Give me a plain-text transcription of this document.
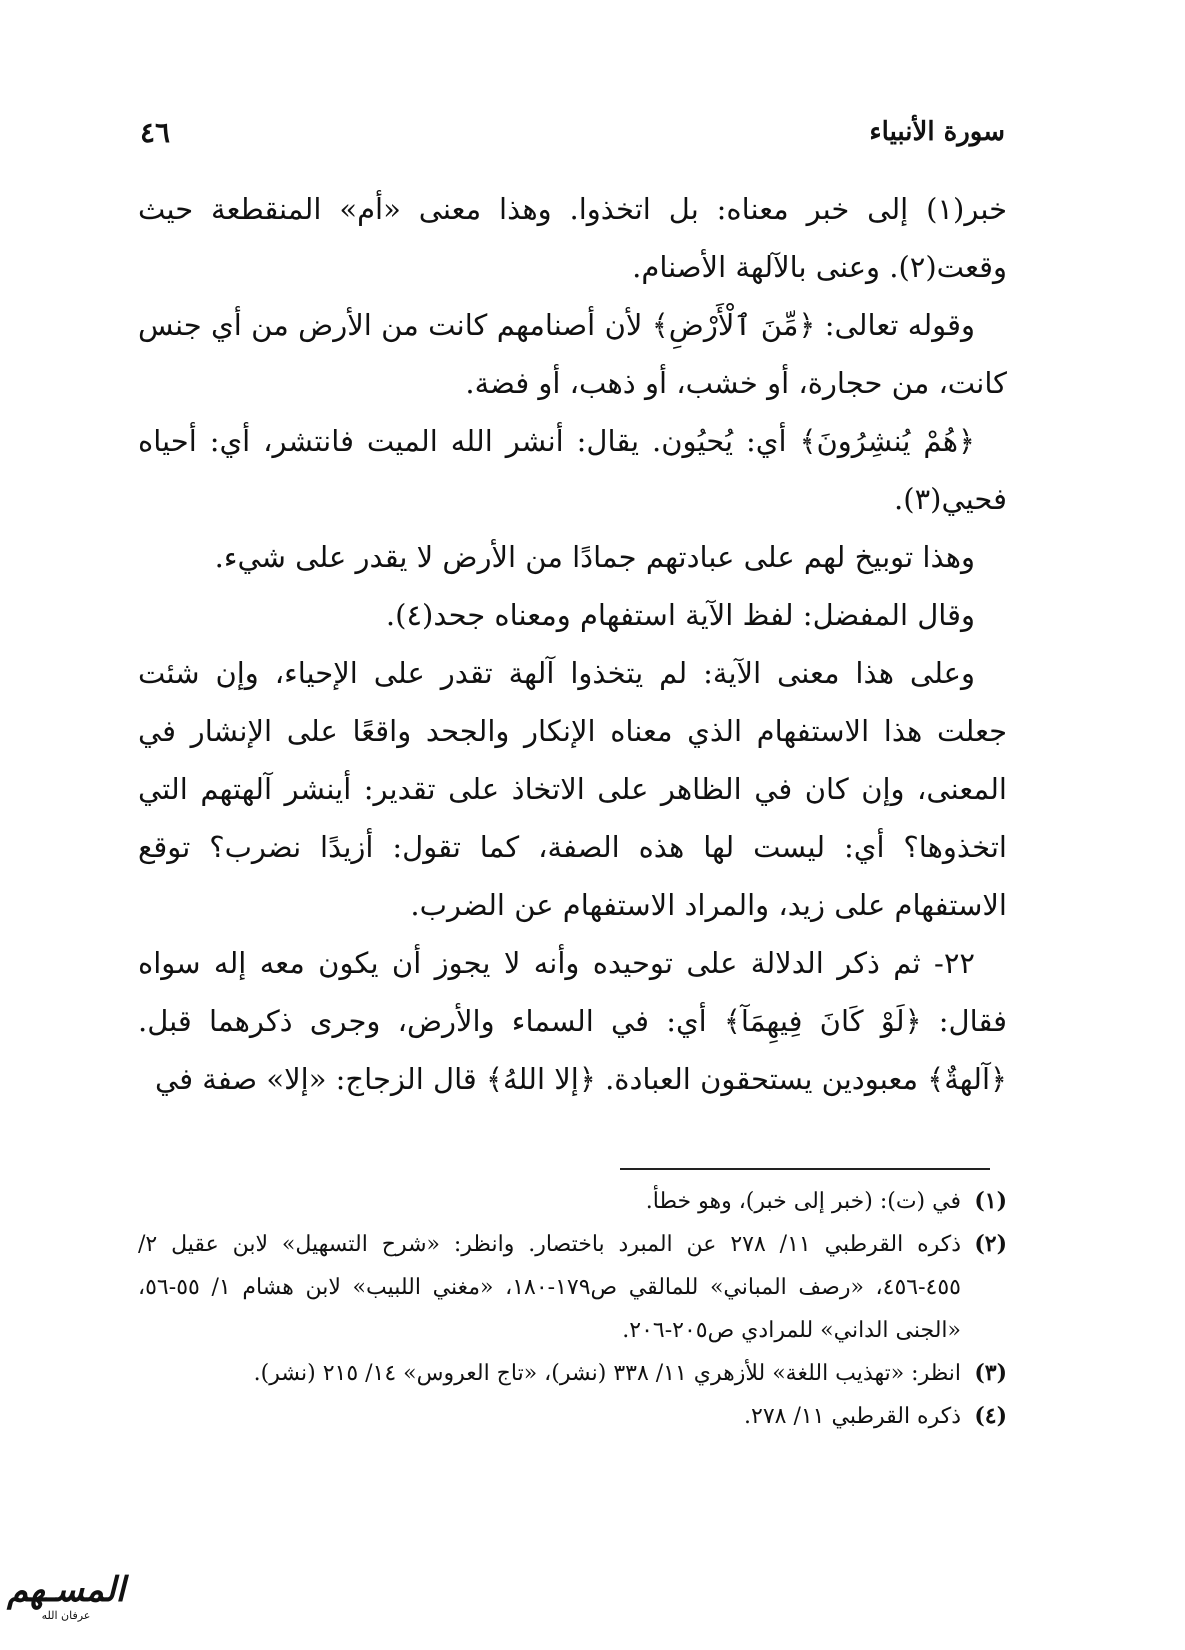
سورة الأنبياء
٤٦

خبر(١) إلى خبر معناه: بل اتخذوا. وهذا معنى «أم» المنقطعة حيث وقعت(٢). وعنى بالآلهة الأصنام.

وقوله تعالى: ﴿مِّنَ ٱلْأَرْضِ﴾ لأن أصنامهم كانت من الأرض من أي جنس كانت، من حجارة، أو خشب، أو ذهب، أو فضة.

﴿هُمْ يُنشِرُونَ﴾ أي: يُحيُون. يقال: أنشر الله الميت فانتشر، أي: أحياه فحيي(٣).

وهذا توبيخ لهم على عبادتهم جمادًا من الأرض لا يقدر على شيء.

وقال المفضل: لفظ الآية استفهام ومعناه جحد(٤).

وعلى هذا معنى الآية: لم يتخذوا آلهة تقدر على الإحياء، وإن شئت جعلت هذا الاستفهام الذي معناه الإنكار والجحد واقعًا على الإنشار في المعنى، وإن كان في الظاهر على الاتخاذ على تقدير: أينشر آلهتهم التي اتخذوها؟ أي: ليست لها هذه الصفة، كما تقول: أزيدًا نضرب؟ توقع الاستفهام على زيد، والمراد الاستفهام عن الضرب.

٢٢- ثم ذكر الدلالة على توحيده وأنه لا يجوز أن يكون معه إله سواه فقال: ﴿لَوْ كَانَ فِيهِمَآ﴾ أي: في السماء والأرض، وجرى ذكرهما قبل. ﴿آلهةٌ﴾ معبودين يستحقون العبادة. ﴿إلا اللهُ﴾ قال الزجاج: «إلا» صفة في

(١)
في (ت): (خبر إلى خبر)، وهو خطأ.

(٢)
ذكره القرطبي ١١/ ٢٧٨ عن المبرد باختصار. وانظر: «شرح التسهيل» لابن عقيل ٢/ ٤٥٥-٤٥٦، «رصف المباني» للمالقي ص١٧٩-١٨٠، «مغني اللبيب» لابن هشام ١/ ٥٥-٥٦، «الجنى الداني» للمرادي ص٢٠٥-٢٠٦.

(٣)
انظر: «تهذيب اللغة» للأزهري ١١/ ٣٣٨ (نشر)، «تاج العروس» ١٤/ ٢١٥ (نشر).

(٤)
ذكره القرطبي ١١/ ٢٧٨.

المسـهم
عرفان الله
